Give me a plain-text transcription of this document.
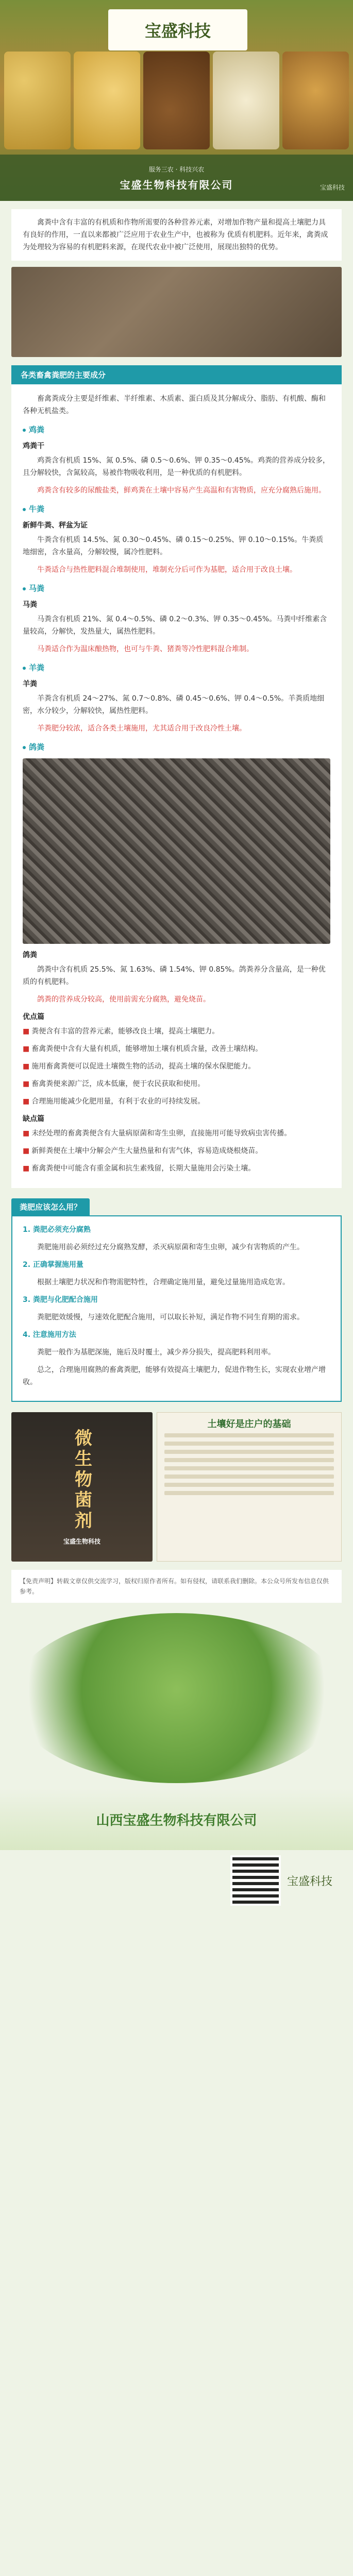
宝盛科技
服务三农 · 科技兴农
宝盛生物科技有限公司	宝盛科技

禽粪中含有丰富的有机质和作物所需要的各种营养元素，对增加作物产量和提高土壤肥力具有良好的作用，一直以来都被广泛应用于农业生产中，也被称为 优质有机肥料。近年来，禽粪成为处理较为容易的有机肥料来源，在现代农业中被广泛使用，展现出独特的优势。

各类畜禽粪肥的主要成分

畜禽粪成分主要是纤维素、半纤维素、木质素、蛋白质及其分解成分、脂肪、有机酸、酶和各种无机盐类。

鸡粪
鸡粪干

鸡粪含有机质 15%、氮 0.5%、磷 0.5～0.6%、钾 0.35～0.45%。鸡粪的营养成分较多，且分解较快，含氮较高，易被作物吸收利用，是一种优质的有机肥料。

鸡粪含有较多的尿酸盐类，鲜鸡粪在土壤中容易产生高温和有害物质，应充分腐熟后施用。

牛粪
新鲜牛粪、秤盆为证

牛粪含有机质 14.5%、氮 0.30～0.45%、磷 0.15～0.25%、钾 0.10～0.15%。牛粪质地细密，含水量高，分解较慢，属冷性肥料。

牛粪适合与热性肥料混合堆制使用，堆制充分后可作为基肥，适合用于改良土壤。

马粪
马粪

马粪含有机质 21%、氮 0.4～0.5%、磷 0.2～0.3%、钾 0.35～0.45%。马粪中纤维素含量较高，分解快，发热量大，属热性肥料。

马粪适合作为温床酿热物，也可与牛粪、猪粪等冷性肥料混合堆制。

羊粪
羊粪

羊粪含有机质 24～27%、氮 0.7～0.8%、磷 0.45～0.6%、钾 0.4～0.5%。羊粪质地细密，水分较少，分解较快，属热性肥料。

羊粪肥分较浓，适合各类土壤施用，尤其适合用于改良冷性土壤。

鸽粪
鸽粪

鸽粪中含有机质 25.5%、氮 1.63%、磷 1.54%、钾 0.85%。鸽粪养分含量高，是一种优质的有机肥料。

鸽粪的营养成分较高，使用前需充分腐熟，避免烧苗。

优点篇

■ 粪便含有丰富的营养元素，能够改良土壤，提高土壤肥力。

■ 畜禽粪便中含有大量有机质，能够增加土壤有机质含量，改善土壤结构。

■ 施用畜禽粪便可以促进土壤微生物的活动，提高土壤的保水保肥能力。

■ 畜禽粪便来源广泛，成本低廉，便于农民获取和使用。

■ 合理施用能减少化肥用量，有利于农业的可持续发展。

缺点篇

■ 未经处理的畜禽粪便含有大量病原菌和寄生虫卵，直接施用可能导致病虫害传播。

■ 新鲜粪便在土壤中分解会产生大量热量和有害气体，容易造成烧根烧苗。

■ 畜禽粪便中可能含有重金属和抗生素残留，长期大量施用会污染土壤。

粪肥应该怎么用？

1. 粪肥必须充分腐熟

粪肥施用前必须经过充分腐熟发酵，杀灭病原菌和寄生虫卵，减少有害物质的产生。

2. 正确掌握施用量

根据土壤肥力状况和作物需肥特性，合理确定施用量，避免过量施用造成危害。

3. 粪肥与化肥配合施用

粪肥肥效缓慢，与速效化肥配合施用，可以取长补短，满足作物不同生育期的需求。

4. 注意施用方法

粪肥一般作为基肥深施，施后及时覆土，减少养分损失，提高肥料利用率。

总之，合理施用腐熟的畜禽粪肥，能够有效提高土壤肥力，促进作物生长，实现农业增产增收。

微生物菌剂
宝盛生物科技
土壤好是庄户的基础
【免责声明】转载文章仅供交流学习，版权归原作者所有。如有侵权，请联系我们删除。本公众号所发布信息仅供参考。
山西宝盛生物科技有限公司
宝盛科技
